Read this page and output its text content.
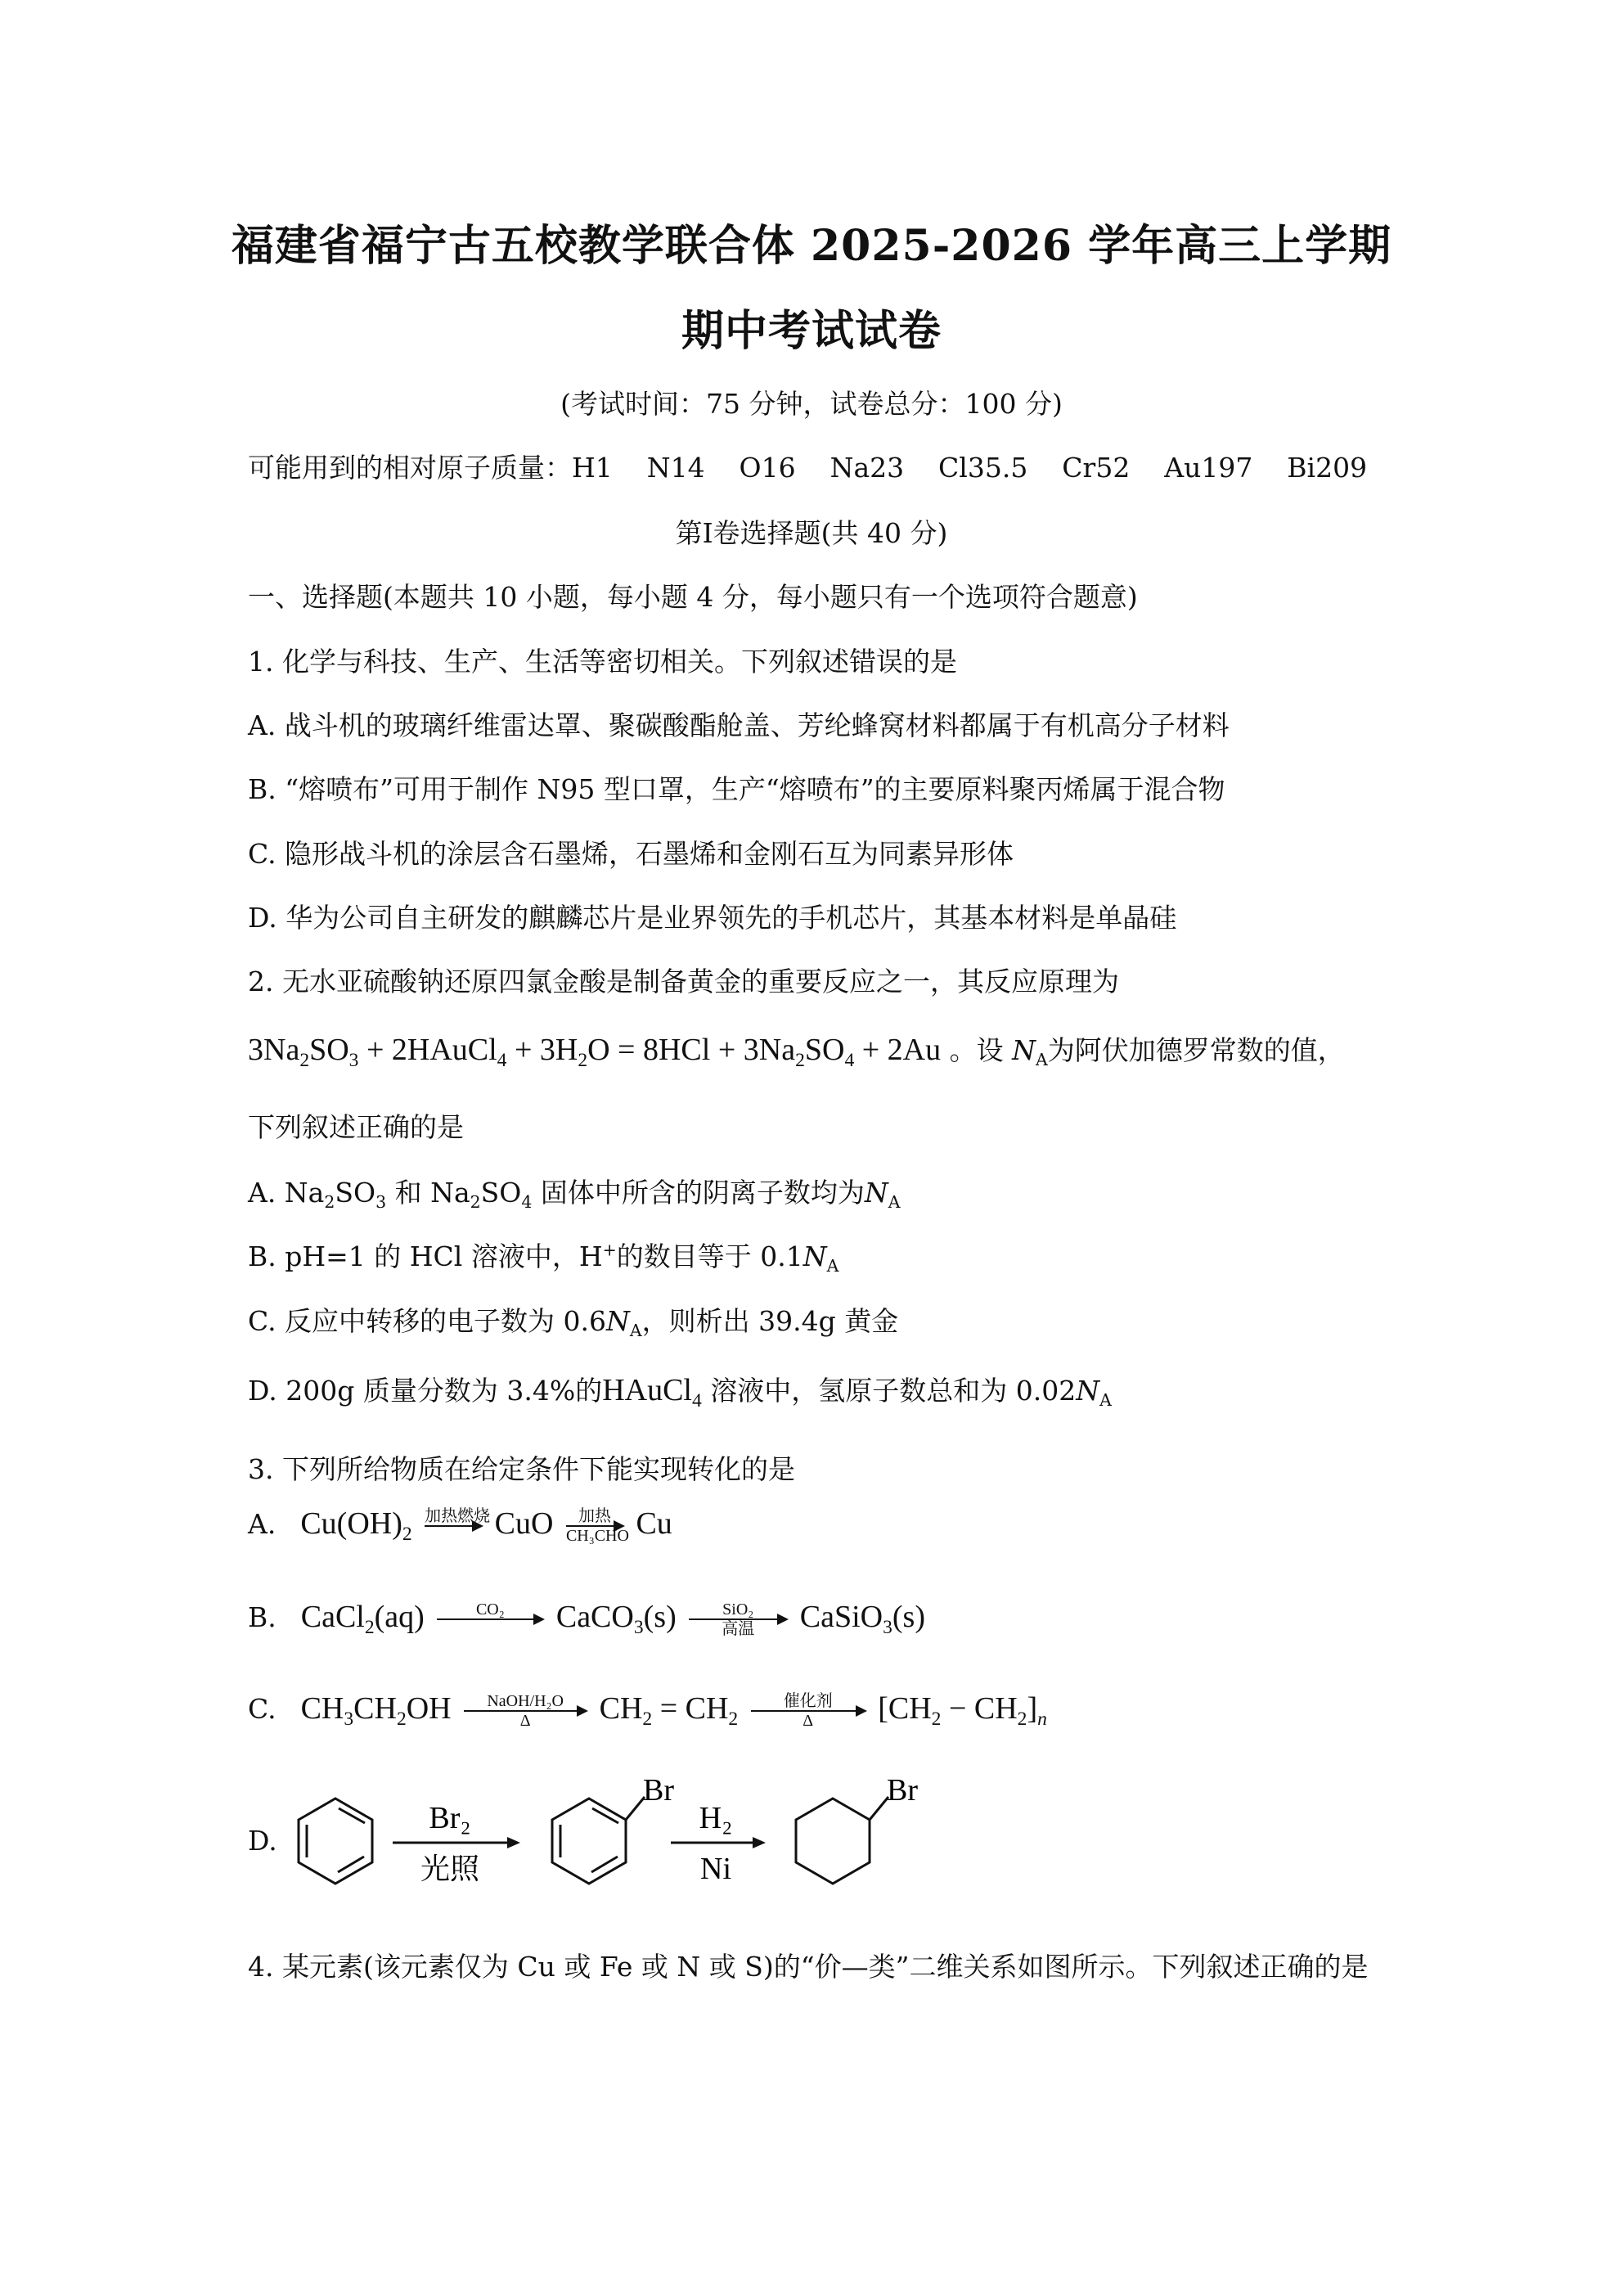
福建省福宁古五校教学联合体 2025-2026 学年高三上学期
期中考试试卷
(考试时间：75 分钟，试卷总分：100 分)
可能用到的相对原子质量：H1    N14    O16    Na23    Cl35.5    Cr52    Au197    Bi209
第Ⅰ卷选择题(共 40 分)
一、选择题(本题共 10 小题，每小题 4 分，每小题只有一个选项符合题意)
1. 化学与科技、生产、生活等密切相关。下列叙述错误的是
A. 战斗机的玻璃纤维雷达罩、聚碳酸酯舱盖、芳纶蜂窝材料都属于有机高分子材料
B. “熔喷布”可用于制作 N95 型口罩，生产“熔喷布”的主要原料聚丙烯属于混合物
C. 隐形战斗机的涂层含石墨烯，石墨烯和金刚石互为同素异形体
D. 华为公司自主研发的麒麟芯片是业界领先的手机芯片，其基本材料是单晶硅
2. 无水亚硫酸钠还原四氯金酸是制备黄金的重要反应之一，其反应原理为
$3Na_2SO_3$ + 2HAuCl$_4$ + $3H_2O = 8HCl + 3Na_2SO_4 + 2Au$ 。设 $N_A$为阿伏加德罗常数的值，
下列叙述正确的是
A. $Na_2SO_3$ 和 $Na_2SO_4$ 固体中所含的阴离子数均为$N_A$
B. pH=1 的 HCl 溶液中，H+的数目等于 $0.1N_A$
C. 反应中转移的电子数为 $0.6N_A$，则析出 39.4g 黄金
D. 200g 质量分数为 3.4%的HAuCl$_4$ 溶液中，氢原子数总和为 $0.02N_A$
3. 下列所给物质在给定条件下能实现转化的是
A. $Cu(OH)_2$
加热燃烧

CuO	加热
CH₃CHO Cu
B. CaCl$_2$(aq)	CO₂
	CaCO$_3$(s)	SiO₂
高温	CaSiO$_3$(s)
C. $CH_3CH_2OH$	NaOH/H₂O
Δ	$CH_2 = CH_2$
催化剂
Δ	$[CH_2 - CH_2]_n$
D.
Br₂
光照
Br
H₂
Ni
Br
4. 某元素(该元素仅为 Cu 或 Fe 或 N 或 S)的“价—类”二维关系如图所示。下列叙述正确的是
